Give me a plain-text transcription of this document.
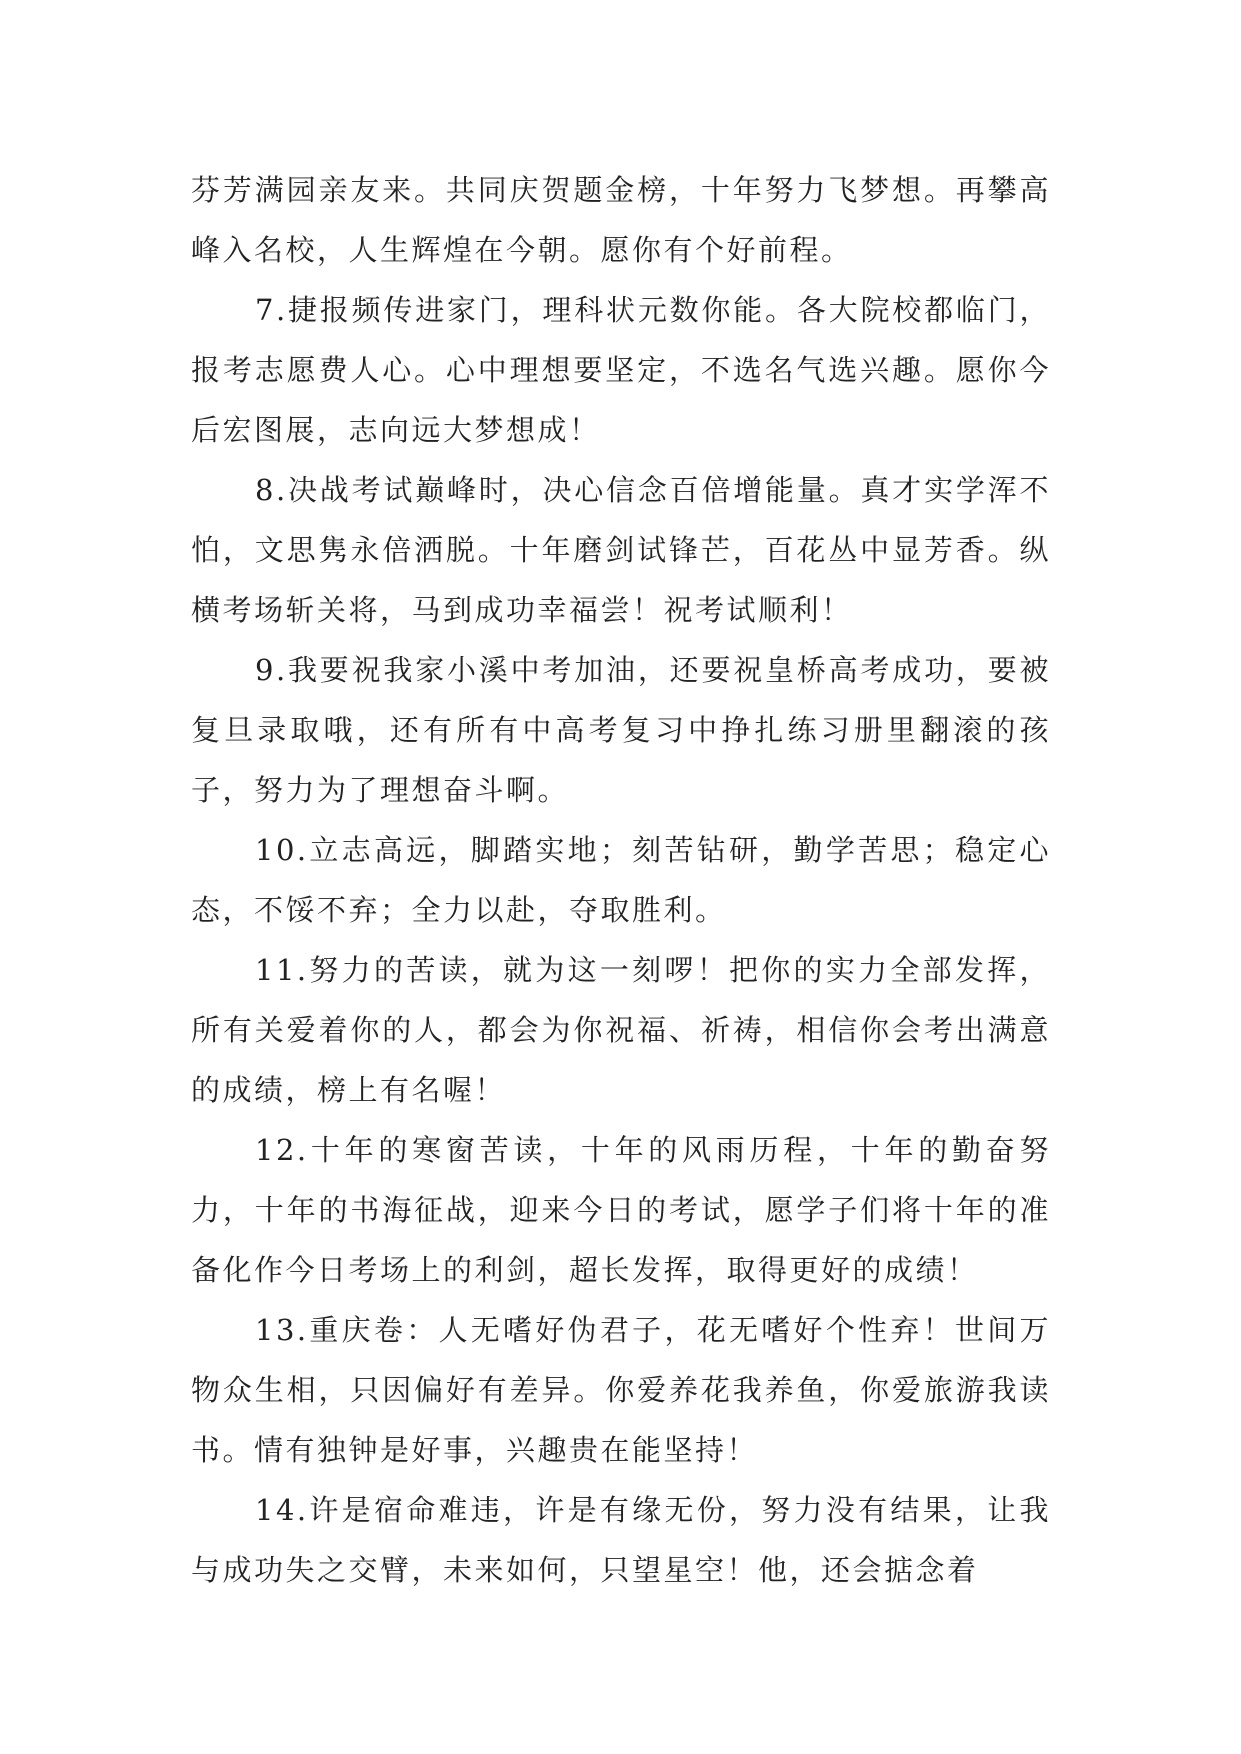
芬芳满园亲友来。共同庆贺题金榜，十年努力飞梦想。再攀高峰入名校，人生辉煌在今朝。愿你有个好前程。

7.捷报频传进家门，理科状元数你能。各大院校都临门，报考志愿费人心。心中理想要坚定，不选名气选兴趣。愿你今后宏图展，志向远大梦想成！

8.决战考试巅峰时，决心信念百倍增能量。真才实学浑不怕，文思隽永倍洒脱。十年磨剑试锋芒，百花丛中显芳香。纵横考场斩关将，马到成功幸福尝！祝考试顺利！

9.我要祝我家小溪中考加油，还要祝皇桥高考成功，要被复旦录取哦，还有所有中高考复习中挣扎练习册里翻滚的孩子，努力为了理想奋斗啊。

10.立志高远，脚踏实地；刻苦钻研，勤学苦思；稳定心态，不馁不弃；全力以赴，夺取胜利。

11.努力的苦读，就为这一刻啰！把你的实力全部发挥，所有关爱着你的人，都会为你祝福、祈祷，相信你会考出满意的成绩，榜上有名喔！

12.十年的寒窗苦读，十年的风雨历程，十年的勤奋努力，十年的书海征战，迎来今日的考试，愿学子们将十年的准备化作今日考场上的利剑，超长发挥，取得更好的成绩！

13.重庆卷：人无嗜好伪君子，花无嗜好个性弃！世间万物众生相，只因偏好有差异。你爱养花我养鱼，你爱旅游我读书。情有独钟是好事，兴趣贵在能坚持！

14.许是宿命难违，许是有缘无份，努力没有结果，让我与成功失之交臂，未来如何，只望星空！他，还会掂念着
